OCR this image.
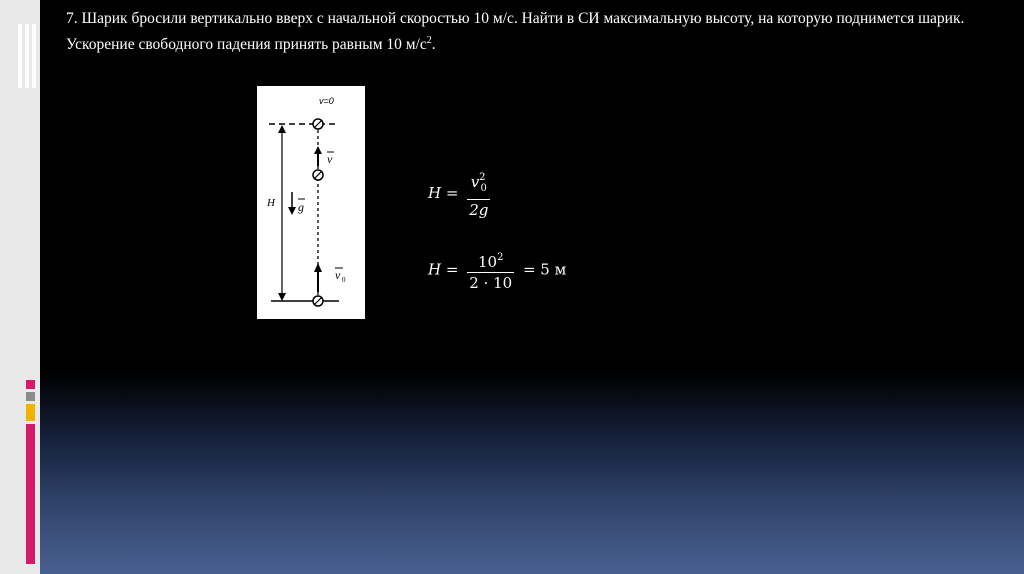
7. Шарик бросили вертикально вверх с начальной скоростью 10 м/с. Найти в СИ максимальную высоту, на которую поднимется шарик. Ускорение свободного падения принять равным 10 $м/с^2$.

v=0
v
H g
v 0
$H = \frac{v^2_0}{2g}$
$H = \frac{10^2}{2 \cdot 10} = 5$ м
